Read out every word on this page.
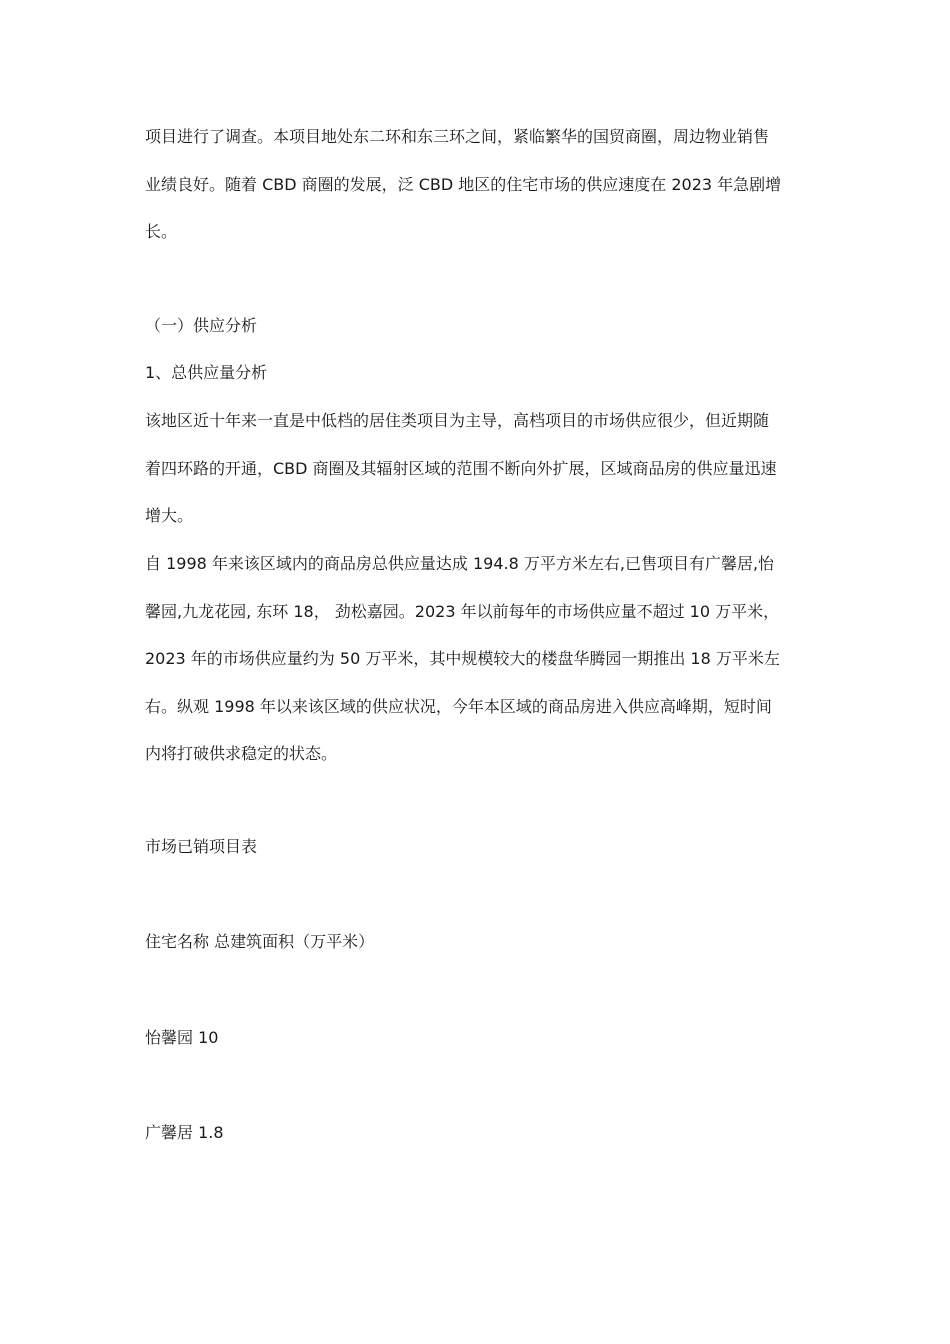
项目进行了调查。本项目地处东二环和东三环之间，紧临繁华的国贸商圈，周边物业销售
业绩良好。随着 CBD 商圈的发展，泛 CBD 地区的住宅市场的供应速度在 2023 年急剧增
长。

（一）供应分析

1、总供应量分析

该地区近十年来一直是中低档的居住类项目为主导，高档项目的市场供应很少，但近期随
着四环路的开通，CBD 商圈及其辐射区域的范围不断向外扩展，区域商品房的供应量迅速
增大。
自 1998 年来该区域内的商品房总供应量达成 194.8 万平方米左右,已售项目有广馨居,怡
馨园,九龙花园, 东环 18， 劲松嘉园。2023 年以前每年的市场供应量不超过 10 万平米，
2023 年的市场供应量约为 50 万平米，其中规模较大的楼盘华腾园一期推出 18 万平米左
右。纵观 1998 年以来该区域的供应状况，今年本区域的商品房进入供应高峰期，短时间
内将打破供求稳定的状态。

市场已销项目表

住宅名称 总建筑面积（万平米）

怡馨园 10

广馨居 1.8
